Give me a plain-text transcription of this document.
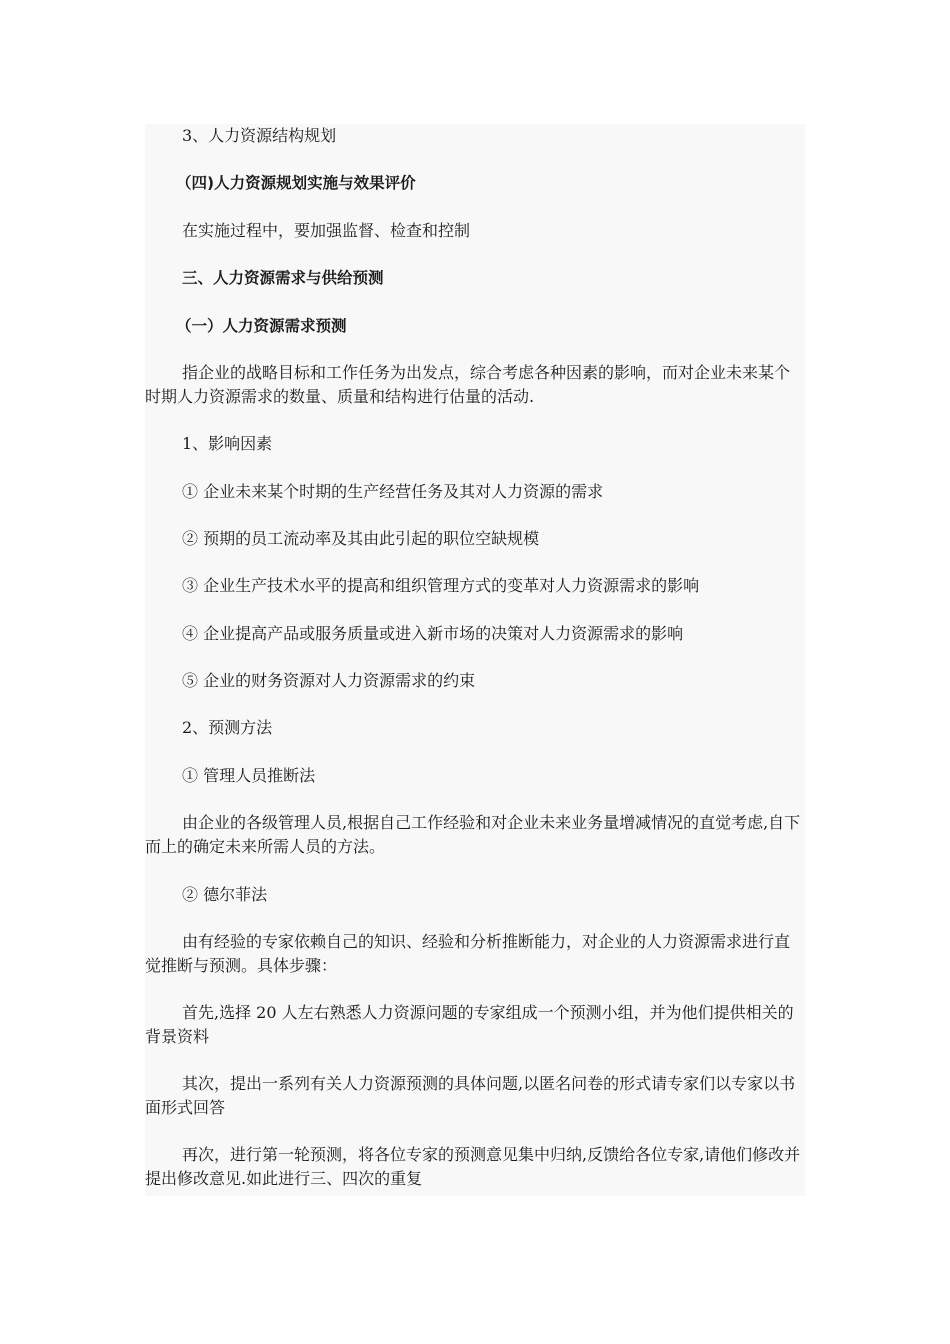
3、人力资源结构规划
（四)人力资源规划实施与效果评价
在实施过程中，要加强监督、检查和控制
三、人力资源需求与供给预测
（一）人力资源需求预测
指企业的战略目标和工作任务为出发点，综合考虑各种因素的影响，而对企业未来某个时期人力资源需求的数量、质量和结构进行估量的活动.
1、影响因素
① 企业未来某个时期的生产经营任务及其对人力资源的需求
② 预期的员工流动率及其由此引起的职位空缺规模
③ 企业生产技术水平的提高和组织管理方式的变革对人力资源需求的影响
④ 企业提高产品或服务质量或进入新市场的决策对人力资源需求的影响
⑤ 企业的财务资源对人力资源需求的约束
2、预测方法
① 管理人员推断法
由企业的各级管理人员,根据自己工作经验和对企业未来业务量增减情况的直觉考虑,自下而上的确定未来所需人员的方法。
② 德尔菲法
由有经验的专家依赖自己的知识、经验和分析推断能力，对企业的人力资源需求进行直觉推断与预测。具体步骤：
首先,选择 20 人左右熟悉人力资源问题的专家组成一个预测小组，并为他们提供相关的背景资料
其次，提出一系列有关人力资源预测的具体问题,以匿名问卷的形式请专家们以专家以书面形式回答
再次，进行第一轮预测，将各位专家的预测意见集中归纳,反馈给各位专家,请他们修改并提出修改意见.如此进行三、四次的重复
